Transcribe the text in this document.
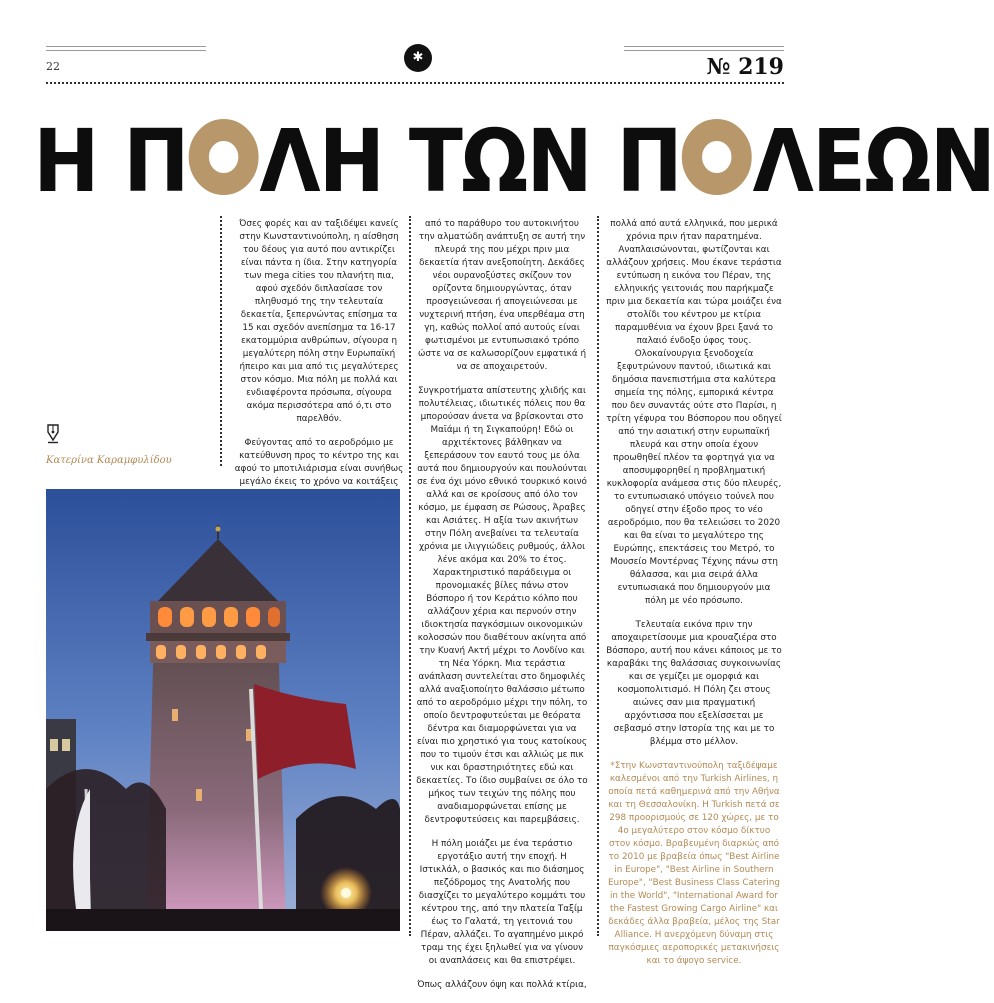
✱
22	№ 219
Η Π ΛΗ ΤΩΝ Π ΛΕΩΝ
Κατερίνα Καραμφυλίδου

Όσες φορές και αν ταξιδέψει κανείς στην Κωνσταντινούπολη, η αίσθηση του δέους για αυτό που αντικρίζει είναι πάντα η ίδια. Στην κατηγορία των mega cities του πλανήτη πια, αφού σχεδόν διπλασίασε τον πληθυσμό της την τελευταία δεκαετία, ξεπερνώντας επίσημα τα 15 και σχεδόν ανεπίσημα τα 16-17 εκατομμύρια ανθρώπων, σίγουρα η μεγαλύτερη πόλη στην Ευρωπαϊκή ήπειρο και μια από τις μεγαλύτερες στον κόσμο. Μια πόλη με πολλά και ενδιαφέροντα πρόσωπα, σίγουρα ακόμα περισσότερα από ό,τι στο παρελθόν.

Φεύγοντας από το αεροδρόμιο με κατεύθυνση προς το κέντρο της και αφού το μποτιλιάρισμα είναι συνήθως μεγάλο έκεις το χρόνο να κοιτάξεις

από το παράθυρο του αυτοκινήτου την αλματώδη ανάπτυξη σε αυτή την πλευρά της που μέχρι πριν μια δεκαετία ήταν ανεξοποίητη. Δεκάδες νέοι ουρανοξύστες σκίζουν τον ορίζοντα δημιουργώντας, όταν προσγειώνεσαι ή απογειώνεσαι με νυχτερινή πτήση, ένα υπερθέαμα στη γη, καθώς πολλοί από αυτούς είναι φωτισμένοι με εντυπωσιακό τρόπο ώστε να σε καλωσορίζουν εμφατικά ή να σε αποχαιρετούν.

Συγκροτήματα απίστευτης χλιδής και πολυτέλειας, ιδιωτικές πόλεις που θα μπορούσαν άνετα να βρίσκονται στο Μαϊάμι ή τη Σιγκαπούρη! Εδώ οι αρχιτέκτονες βάλθηκαν να ξεπεράσουν τον εαυτό τους με όλα αυτά που δημιουργούν και πουλούνται σε ένα όχι μόνο εθνικό τουρκικό κοινό αλλά και σε κροίσους από όλο τον κόσμο, με έμφαση σε Ρώσους, Άραβες και Ασιάτες. Η αξία των ακινήτων στην Πόλη ανεβαίνει τα τελευταία χρόνια με ιλιγγιώδεις ρυθμούς, άλλοι λένε ακόμα και 20% το έτος. Χαρακτηριστικό παράδειγμα οι προνομιακές βίλες πάνω στον Βόσπορο ή τον Κεράτιο κόλπο που αλλάζουν χέρια και περνούν στην ιδιοκτησία παγκόσμιων οικονομικών κολοσσών που διαθέτουν ακίνητα από την Κυανή Ακτή μέχρι το Λονδίνο και τη Νέα Υόρκη. Μια τεράστια ανάπλαση συντελείται στο δημοφιλές αλλά αναξιοποίητο θαλάσσιο μέτωπο από το αεροδρόμιο μέχρι την πόλη, το οποίο δεντροφυτεύεται με θεόρατα δέντρα και διαμορφώνεται για να είναι πιο χρηστικό για τους κατοίκους που το τιμούν έτσι και αλλιώς με πικ νικ και δραστηριότητες εδώ και δεκαετίες. Το ίδιο συμβαίνει σε όλο το μήκος των τειχών της πόλης που αναδιαμορφώνεται επίσης με δεντροφυτεύσεις και παρεμβάσεις.

Η πόλη μοιάζει με ένα τεράστιο εργοτάξιο αυτή την εποχή. Η Ιστικλάλ, ο βασικός και πιο διάσημος πεζόδρομος της Ανατολής που διασχίζει το μεγαλύτερο κομμάτι του κέντρου της, από την πλατεία Ταξίμ έως το Γαλατά, τη γειτονιά του Πέραν, αλλάζει. Το αγαπημένο μικρό τραμ της έχει ξηλωθεί για να γίνουν οι αναπλάσεις και θα επιστρέψει.

Όπως αλλάζουν όψη και πολλά κτίρια,

πολλά από αυτά ελληνικά, που μερικά χρόνια πριν ήταν παρατημένα. Αναπλαισώνονται, φωτίζονται και αλλάζουν χρήσεις. Μου έκανε τεράστια εντύπωση η εικόνα του Πέραν, της ελληνικής γειτονιάς που παρήκμαζε πριν μια δεκαετία και τώρα μοιάζει ένα στολίδι του κέντρου με κτίρια παραμυθένια να έχουν βρει ξανά το παλαιό ένδοξο ύφος τους. Ολοκαίνουργια ξενοδοχεία ξεφυτρώνουν παντού, ιδιωτικά και δημόσια πανεπιστήμια στα καλύτερα σημεία της πόλης, εμπορικά κέντρα που δεν συναντάς ούτε στο Παρίσι, η τρίτη γέφυρα του Βόσπορου που οδηγεί από την ασιατική στην ευρωπαϊκή πλευρά και στην οποία έχουν προωθηθεί πλέον τα φορτηγά για να αποσυμφορηθεί η προβληματική κυκλοφορία ανάμεσα στις δύο πλευρές, το εντυπωσιακό υπόγειο τούνελ που οδηγεί στην έξοδο προς το νέο αεροδρόμιο, που θα τελειώσει το 2020 και θα είναι το μεγαλύτερο της Ευρώπης, επεκτάσεις του Μετρό, το Μουσείο Μοντέρνας Τέχνης πάνω στη θάλασσα, και μια σειρά άλλα εντυπωσιακά που δημιουργούν μια πόλη με νέο πρόσωπο.

Τελευταία εικόνα πριν την αποχαιρετίσουμε μια κρουαζιέρα στο Βόσπορο, αυτή που κάνει κάποιος με το καραβάκι της θαλάσσιας συγκοινωνίας και σε γεμίζει με ομορφιά και κοσμοπολιτισμό. Η Πόλη ζει στους αιώνες σαν μια πραγματική αρχόντισσα που εξελίσσεται με σεβασμό στην Ιστορία της και με το βλέμμα στο μέλλον.

*Στην Κωνσταντινούπολη ταξιδέψαμε καλεσμένοι από την Turkish Airlines, η οποία πετά καθημερινά από την Αθήνα και τη Θεσσαλονίκη. Η Turkish πετά σε 298 προορισμούς σε 120 χώρες, με το 4ο μεγαλύτερο στον κόσμο δίκτυο στον κόσμο. Βραβευμένη διαρκώς από το 2010 με βραβεία όπως "Best Airline in Europe", "Best Airline in Southern Europe", "Best Business Class Catering in the World", "International Award for the Fastest Growing Cargo Airline" και δεκάδες άλλα βραβεία, μέλος της Star Alliance. Η ανερχόμενη δύναμη στις παγκόσμιες αεροπορικές μετακινήσεις και το άψογο service.
